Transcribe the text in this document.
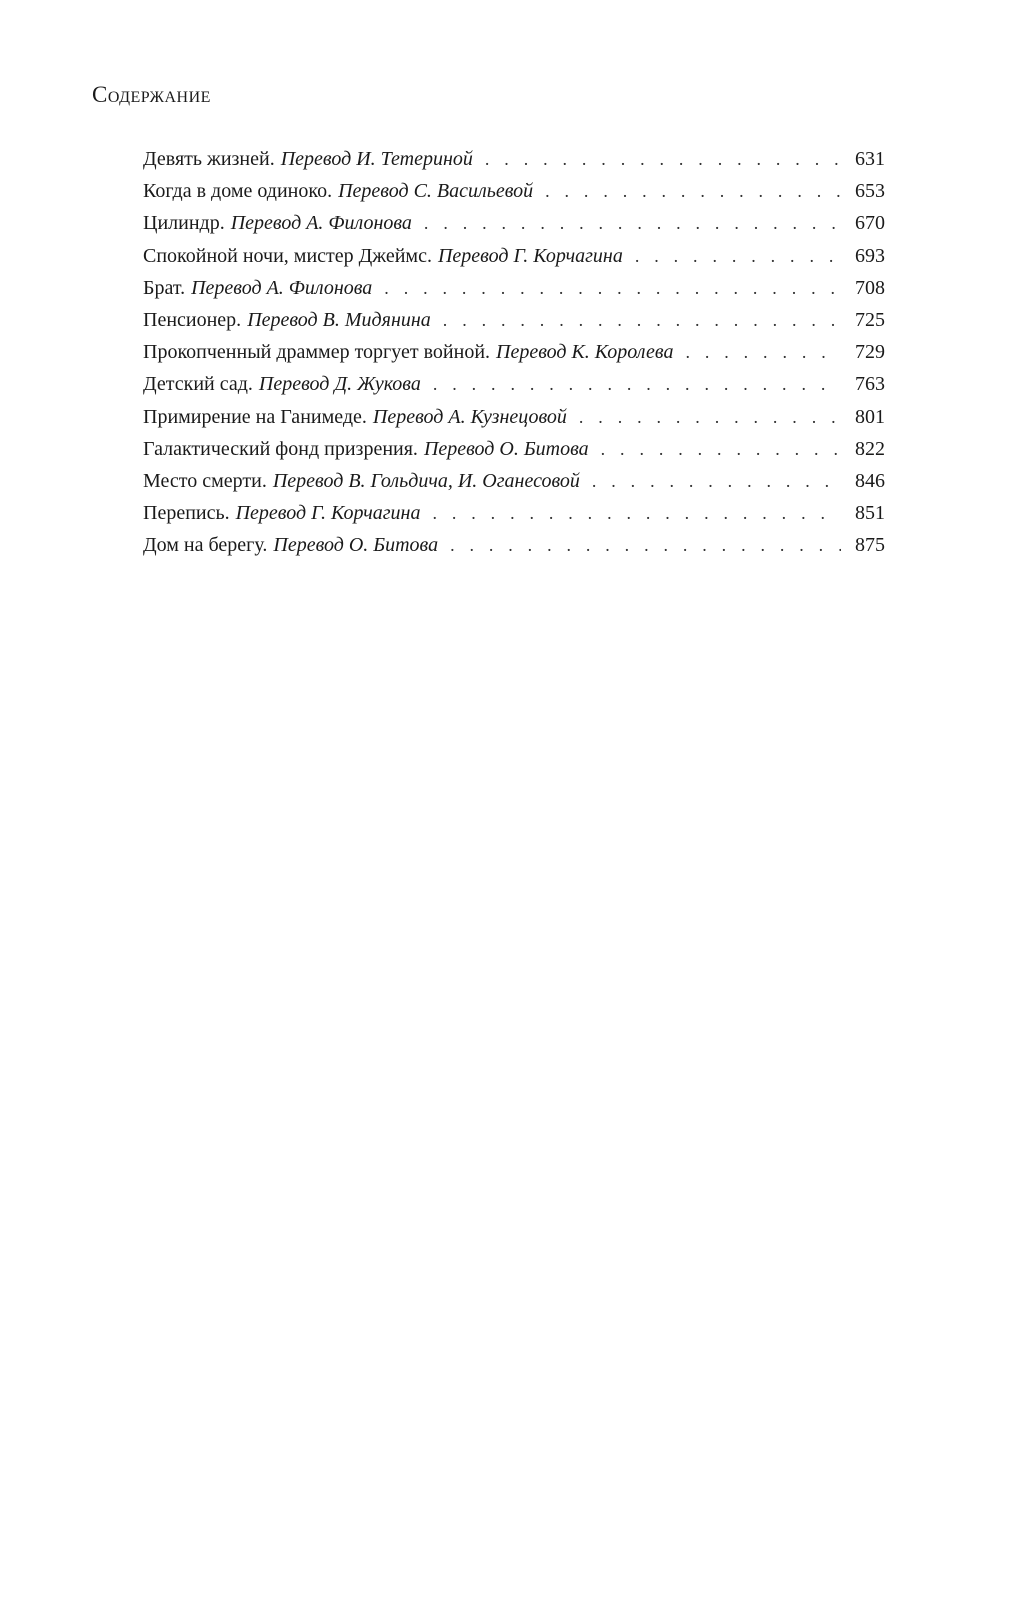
Содержание
Девять жизней. Перевод И. Тетериной . . .	631
Когда в доме одиноко. Перевод С. Васильевой . . .	653
Цилиндр. Перевод А. Филонова . . .	670
Спокойной ночи, мистер Джеймс. Перевод Г. Корчагина . . .	693
Брат. Перевод А. Филонова . . .	708
Пенсионер. Перевод В. Мидянина . . .	725
Прокопченный драммер торгует войной. Перевод К. Королева . . .	729
Детский сад. Перевод Д. Жукова . . .	763
Примирение на Ганимеде. Перевод А. Кузнецовой . . .	801
Галактический фонд призрения. Перевод О. Битова . . .	822
Место смерти. Перевод В. Гольдича, И. Оганесовой . . .	846
Перепись. Перевод Г. Корчагина . . .	851
Дом на берегу. Перевод О. Битова . . .	875
